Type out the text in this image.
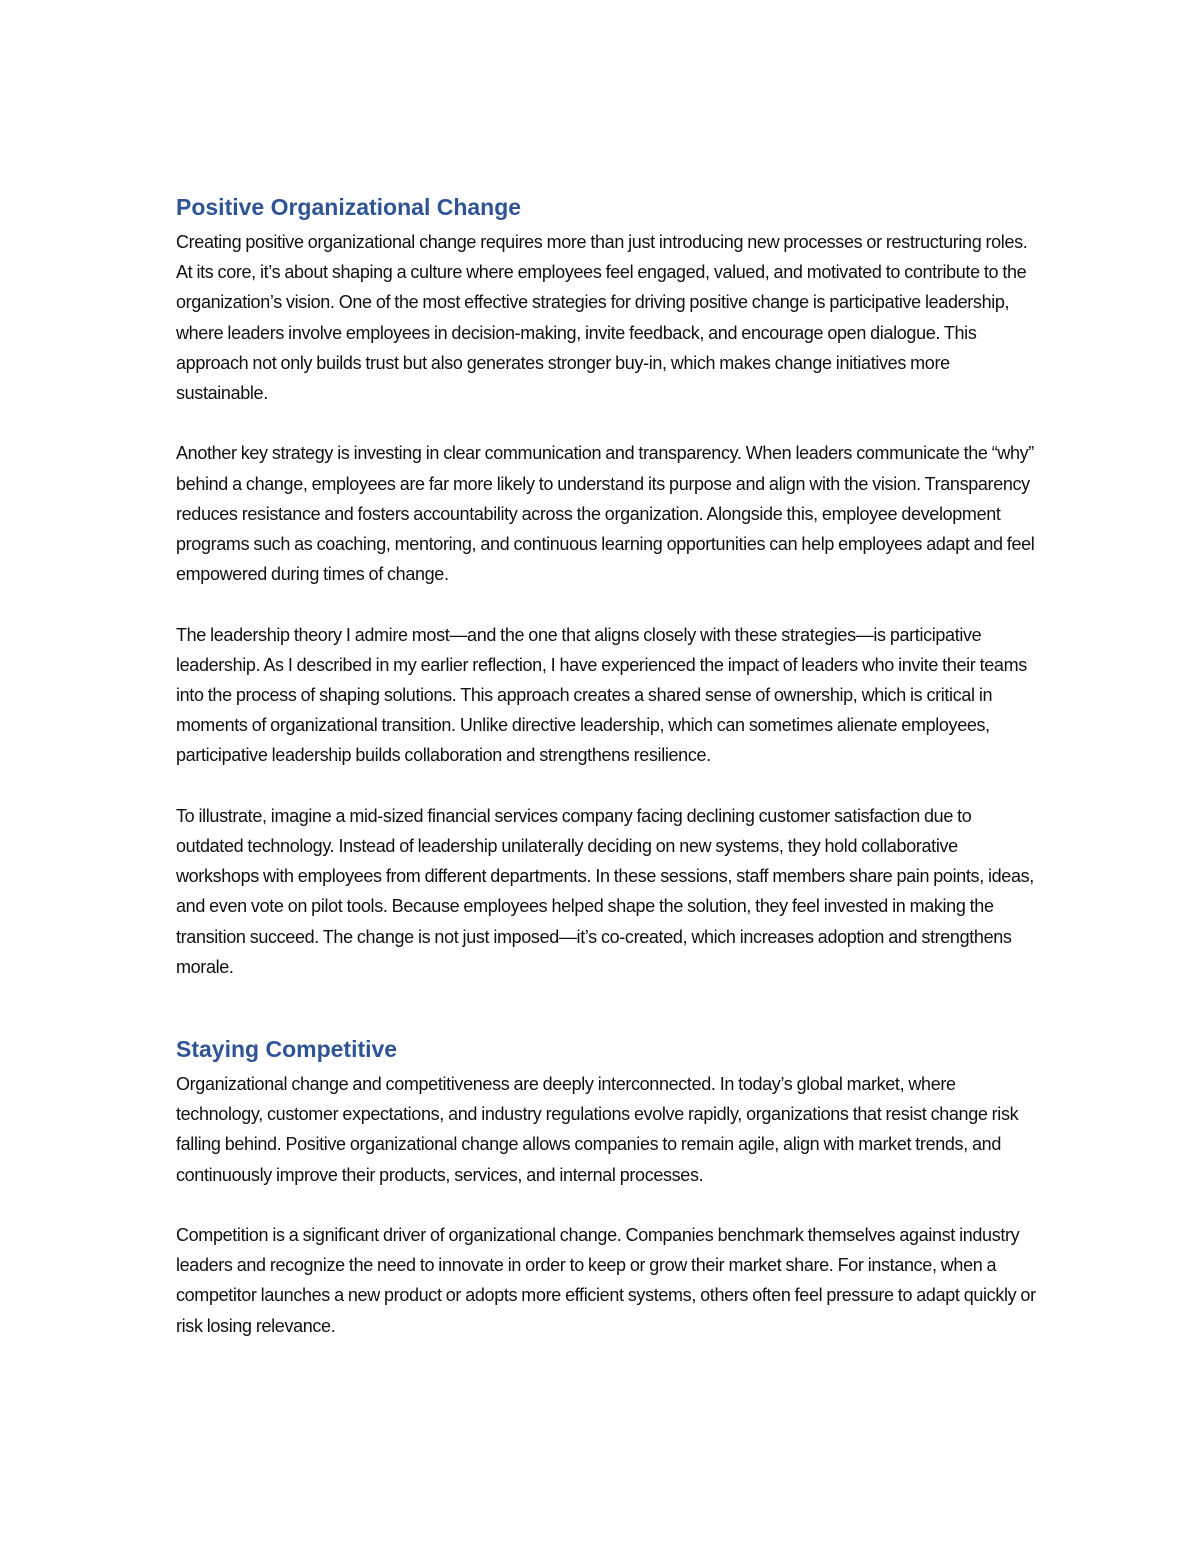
Positive Organizational Change

Creating positive organizational change requires more than just introducing new processes or restructuring roles. At its core, it’s about shaping a culture where employees feel engaged, valued, and motivated to contribute to the organization’s vision. One of the most effective strategies for driving positive change is participative leadership, where leaders involve employees in decision-making, invite feedback, and encourage open dialogue. This approach not only builds trust but also generates stronger buy-in, which makes change initiatives more sustainable.

Another key strategy is investing in clear communication and transparency. When leaders communicate the “why” behind a change, employees are far more likely to understand its purpose and align with the vision. Transparency reduces resistance and fosters accountability across the organization. Alongside this, employee development programs such as coaching, mentoring, and continuous learning opportunities can help employees adapt and feel empowered during times of change.

The leadership theory I admire most—and the one that aligns closely with these strategies—is participative leadership. As I described in my earlier reflection, I have experienced the impact of leaders who invite their teams into the process of shaping solutions. This approach creates a shared sense of ownership, which is critical in moments of organizational transition. Unlike directive leadership, which can sometimes alienate employees, participative leadership builds collaboration and strengthens resilience.

To illustrate, imagine a mid-sized financial services company facing declining customer satisfaction due to outdated technology. Instead of leadership unilaterally deciding on new systems, they hold collaborative workshops with employees from different departments. In these sessions, staff members share pain points, ideas, and even vote on pilot tools. Because employees helped shape the solution, they feel invested in making the transition succeed. The change is not just imposed—it’s co-created, which increases adoption and strengthens morale.

Staying Competitive

Organizational change and competitiveness are deeply interconnected. In today’s global market, where technology, customer expectations, and industry regulations evolve rapidly, organizations that resist change risk falling behind. Positive organizational change allows companies to remain agile, align with market trends, and continuously improve their products, services, and internal processes.

Competition is a significant driver of organizational change. Companies benchmark themselves against industry leaders and recognize the need to innovate in order to keep or grow their market share. For instance, when a competitor launches a new product or adopts more efficient systems, others often feel pressure to adapt quickly or risk losing relevance.
